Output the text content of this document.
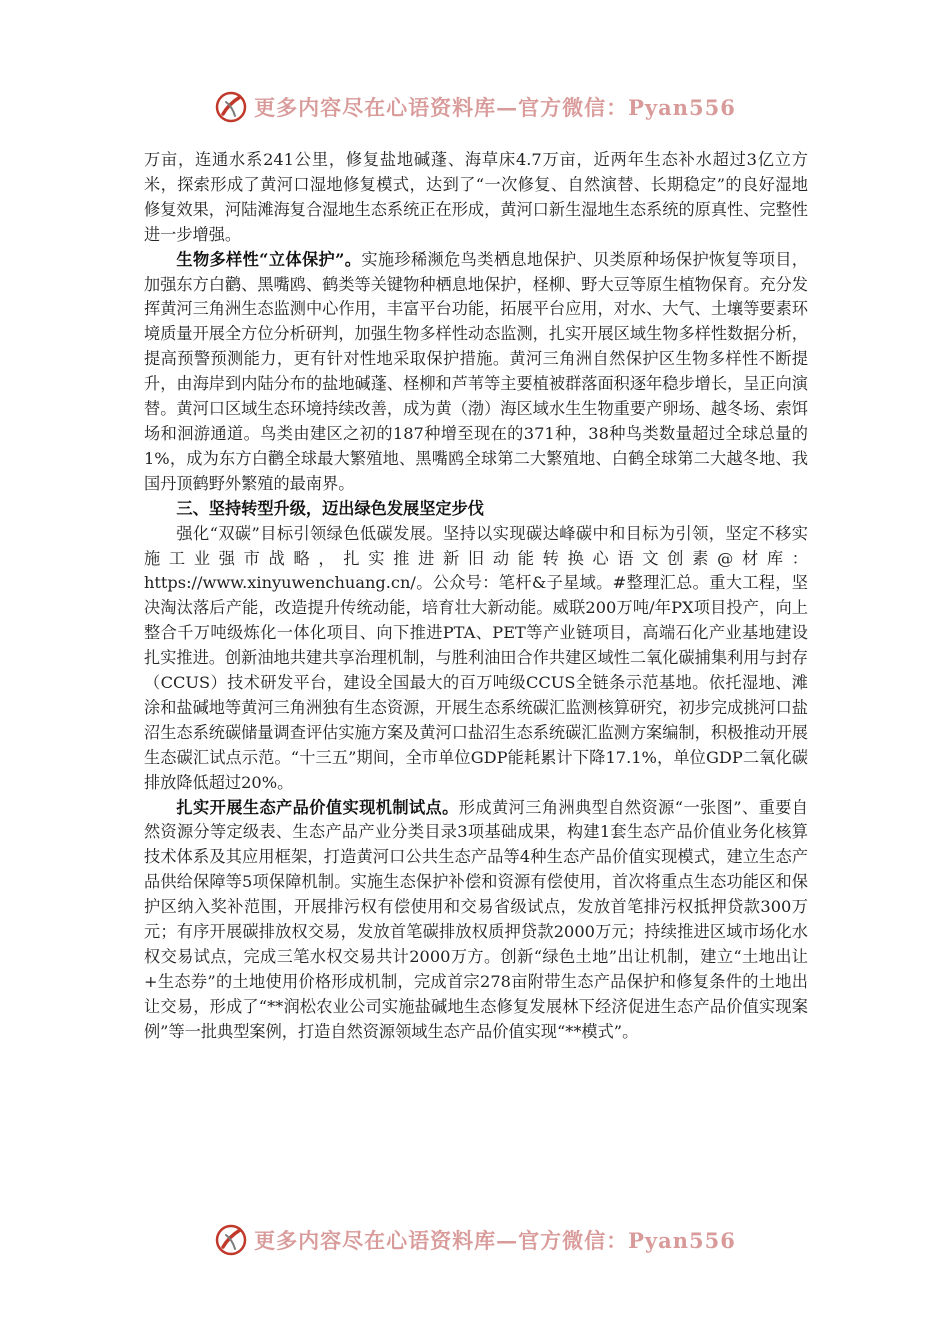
更多内容尽在心语资料库—官方微信：Pyan556

万亩，连通水系241公里，修复盐地碱蓬、海草床4.7万亩，近两年生态补水超过3亿立方米，探索形成了黄河口湿地修复模式，达到了“一次修复、自然演替、长期稳定”的良好湿地修复效果，河陆滩海复合湿地生态系统正在形成，黄河口新生湿地生态系统的原真性、完整性进一步增强。

生物多样性“立体保护”。实施珍稀濒危鸟类栖息地保护、贝类原种场保护恢复等项目，加强东方白鹳、黑嘴鸥、鹤类等关键物种栖息地保护，柽柳、野大豆等原生植物保育。充分发挥黄河三角洲生态监测中心作用，丰富平台功能，拓展平台应用，对水、大气、土壤等要素环境质量开展全方位分析研判，加强生物多样性动态监测，扎实开展区域生物多样性数据分析，提高预警预测能力，更有针对性地采取保护措施。黄河三角洲自然保护区生物多样性不断提升，由海岸到内陆分布的盐地碱蓬、柽柳和芦苇等主要植被群落面积逐年稳步增长，呈正向演替。黄河口区域生态环境持续改善，成为黄（渤）海区域水生生物重要产卵场、越冬场、索饵场和洄游通道。鸟类由建区之初的187种增至现在的371种，38种鸟类数量超过全球总量的1%，成为东方白鹳全球最大繁殖地、黑嘴鸥全球第二大繁殖地、白鹤全球第二大越冬地、我国丹顶鹤野外繁殖的最南界。

三、坚持转型升级，迈出绿色发展坚定步伐

强化“双碳”目标引领绿色低碳发展。坚持以实现碳达峰碳中和目标为引领，坚定不移实施工业强市战略，扎实推进新旧动能转换心语文创素@材库：https://www.xinyuwenchuang.cn/。公众号：笔杆&子星域。#整理汇总。重大工程，坚决淘汰落后产能，改造提升传统动能，培育壮大新动能。威联200万吨/年PX项目投产，向上整合千万吨级炼化一体化项目、向下推进PTA、PET等产业链项目，高端石化产业基地建设扎实推进。创新油地共建共享治理机制，与胜利油田合作共建区域性二氧化碳捕集利用与封存（CCUS）技术研发平台，建设全国最大的百万吨级CCUS全链条示范基地。依托湿地、滩涂和盐碱地等黄河三角洲独有生态资源，开展生态系统碳汇监测核算研究，初步完成挑河口盐沼生态系统碳储量调查评估实施方案及黄河口盐沼生态系统碳汇监测方案编制，积极推动开展生态碳汇试点示范。“十三五”期间，全市单位GDP能耗累计下降17.1%，单位GDP二氧化碳排放降低超过20%。

扎实开展生态产品价值实现机制试点。形成黄河三角洲典型自然资源“一张图”、重要自然资源分等定级表、生态产品产业分类目录3项基础成果，构建1套生态产品价值业务化核算技术体系及其应用框架，打造黄河口公共生态产品等4种生态产品价值实现模式，建立生态产品供给保障等5项保障机制。实施生态保护补偿和资源有偿使用，首次将重点生态功能区和保护区纳入奖补范围，开展排污权有偿使用和交易省级试点，发放首笔排污权抵押贷款300万元；有序开展碳排放权交易，发放首笔碳排放权质押贷款2000万元；持续推进区域市场化水权交易试点，完成三笔水权交易共计2000万方。创新“绿色土地”出让机制，建立“土地出让+生态券”的土地使用价格形成机制，完成首宗278亩附带生态产品保护和修复条件的土地出让交易，形成了“**润松农业公司实施盐碱地生态修复发展林下经济促进生态产品价值实现案例”等一批典型案例，打造自然资源领域生态产品价值实现“**模式”。

更多内容尽在心语资料库—官方微信：Pyan556
